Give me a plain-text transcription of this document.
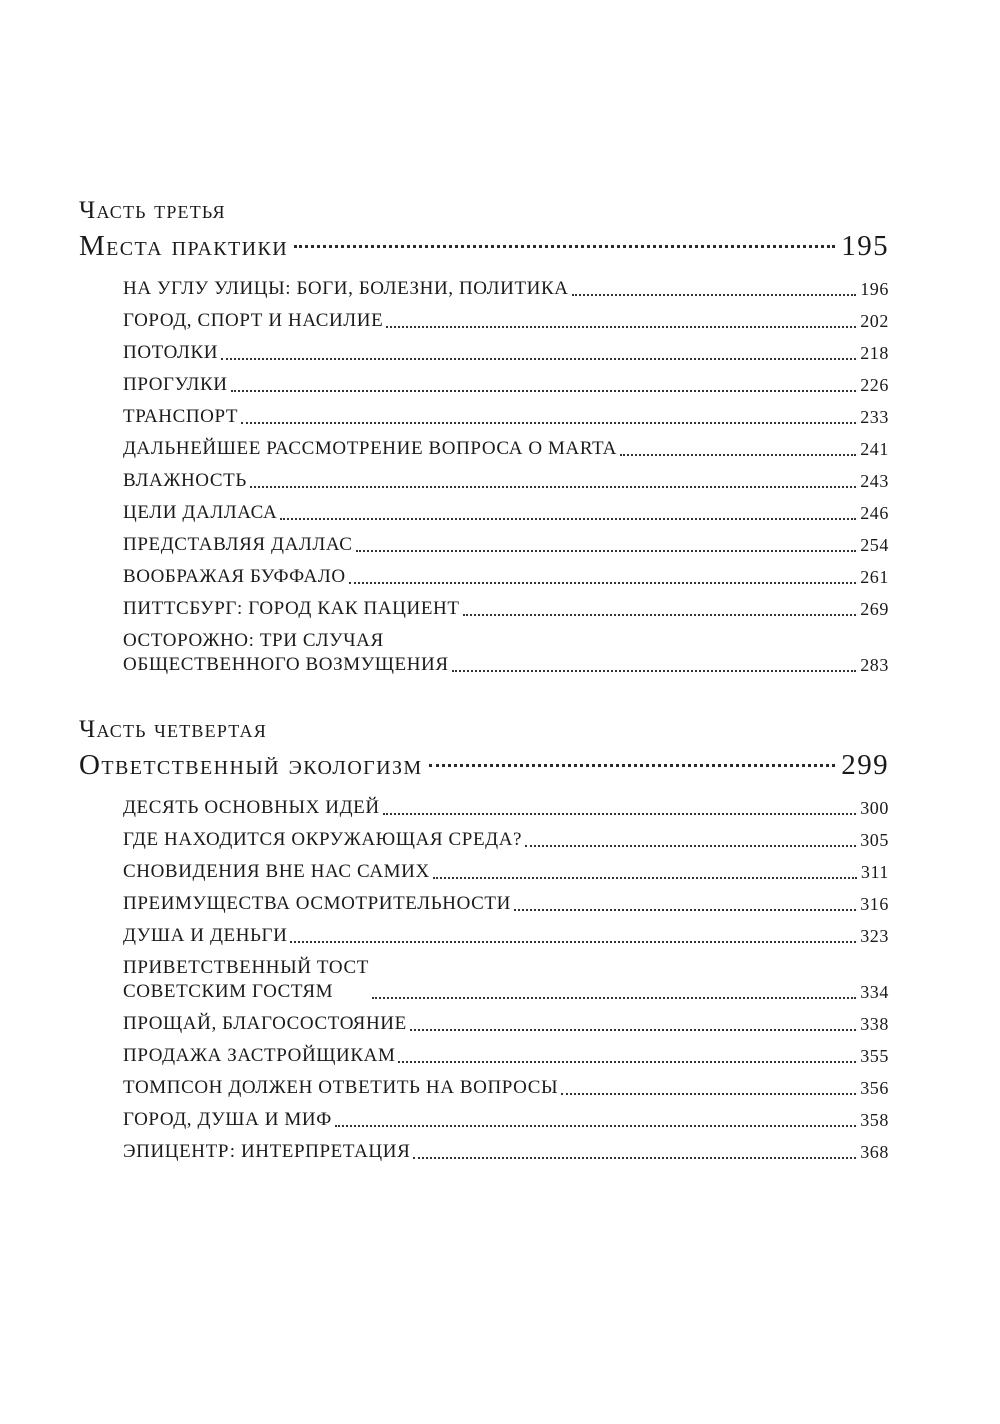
Часть третья
Места практики	195
НА УГЛУ УЛИЦЫ: БОГИ, БОЛЕЗНИ, ПОЛИТИКА	196
ГОРОД, СПОРТ И НАСИЛИЕ	202
ПОТОЛКИ	218
ПРОГУЛКИ	226
ТРАНСПОРТ	233
ДАЛЬНЕЙШЕЕ РАССМОТРЕНИЕ ВОПРОСА О MARTA	241
ВЛАЖНОСТЬ	243
ЦЕЛИ ДАЛЛАСА	246
ПРЕДСТАВЛЯЯ ДАЛЛАС	254
ВООБРАЖАЯ БУФФАЛО	261
ПИТТСБУРГ: ГОРОД КАК ПАЦИЕНТ	269
ОСТОРОЖНО: ТРИ СЛУЧАЯ
ОБЩЕСТВЕННОГО ВОЗМУЩЕНИЯ	283
Часть четвертая
Ответственный экологизм	299
ДЕСЯТЬ ОСНОВНЫХ ИДЕЙ	300
ГДЕ НАХОДИТСЯ ОКРУЖАЮЩАЯ СРЕДА?	305
СНОВИДЕНИЯ ВНЕ НАС САМИХ	311
ПРЕИМУЩЕСТВА ОСМОТРИТЕЛЬНОСТИ	316
ДУША И ДЕНЬГИ	323
ПРИВЕТСТВЕННЫЙ ТОСТ
СОВЕТСКИМ ГОСТЯМ	334
ПРОЩАЙ, БЛАГОСОСТОЯНИЕ	338
ПРОДАЖА ЗАСТРОЙЩИКАМ	355
ТОМПСОН ДОЛЖЕН ОТВЕТИТЬ НА ВОПРОСЫ	356
ГОРОД, ДУША И МИФ	358
ЭПИЦЕНТР: ИНТЕРПРЕТАЦИЯ	368
